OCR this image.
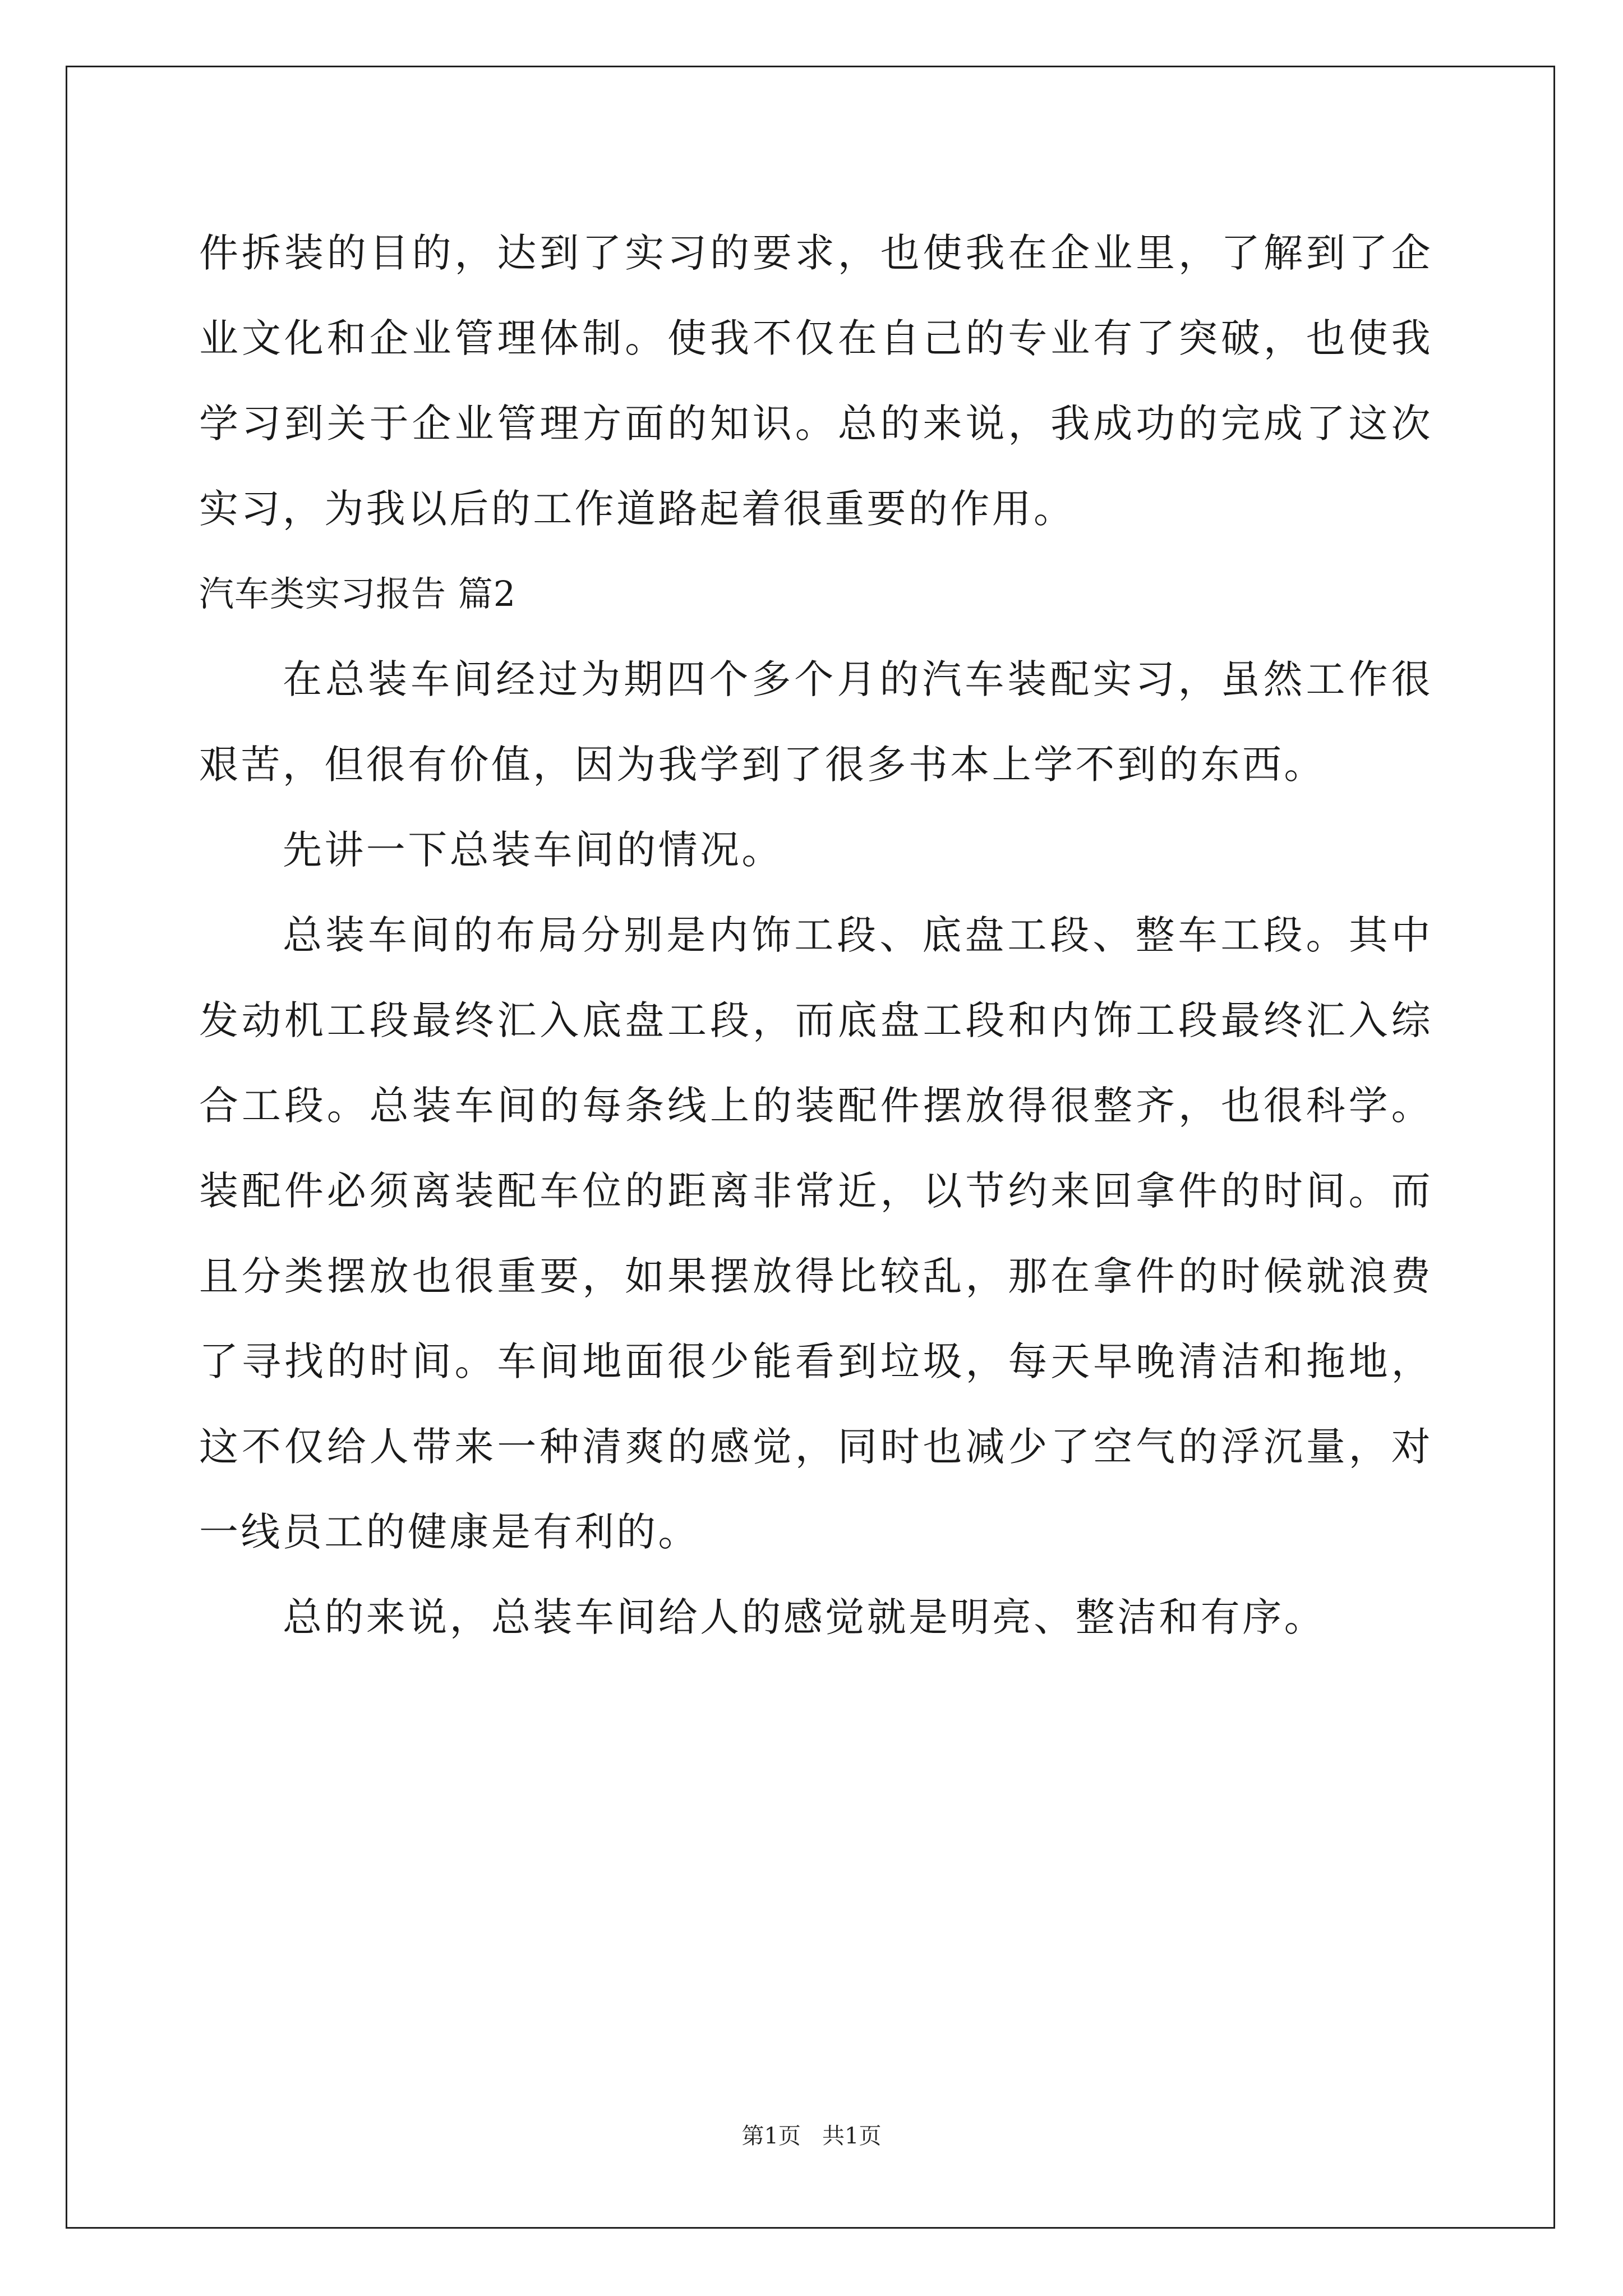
件拆装的目的，达到了实习的要求，也使我在企业里，了解到了企业文化和企业管理体制。使我不仅在自己的专业有了突破，也使我学习到关于企业管理方面的知识。总的来说，我成功的完成了这次实习，为我以后的工作道路起着很重要的作用。

汽车类实习报告 篇2

在总装车间经过为期四个多个月的汽车装配实习，虽然工作很艰苦，但很有价值，因为我学到了很多书本上学不到的东西。

先讲一下总装车间的情况。

总装车间的布局分别是内饰工段、底盘工段、整车工段。其中发动机工段最终汇入底盘工段，而底盘工段和内饰工段最终汇入综合工段。总装车间的每条线上的装配件摆放得很整齐，也很科学。装配件必须离装配车位的距离非常近，以节约来回拿件的时间。而且分类摆放也很重要，如果摆放得比较乱，那在拿件的时候就浪费了寻找的时间。车间地面很少能看到垃圾，每天早晚清洁和拖地，这不仅给人带来一种清爽的感觉，同时也减少了空气的浮沉量，对一线员工的健康是有利的。

总的来说，总装车间给人的感觉就是明亮、整洁和有序。

第1页   共1页
